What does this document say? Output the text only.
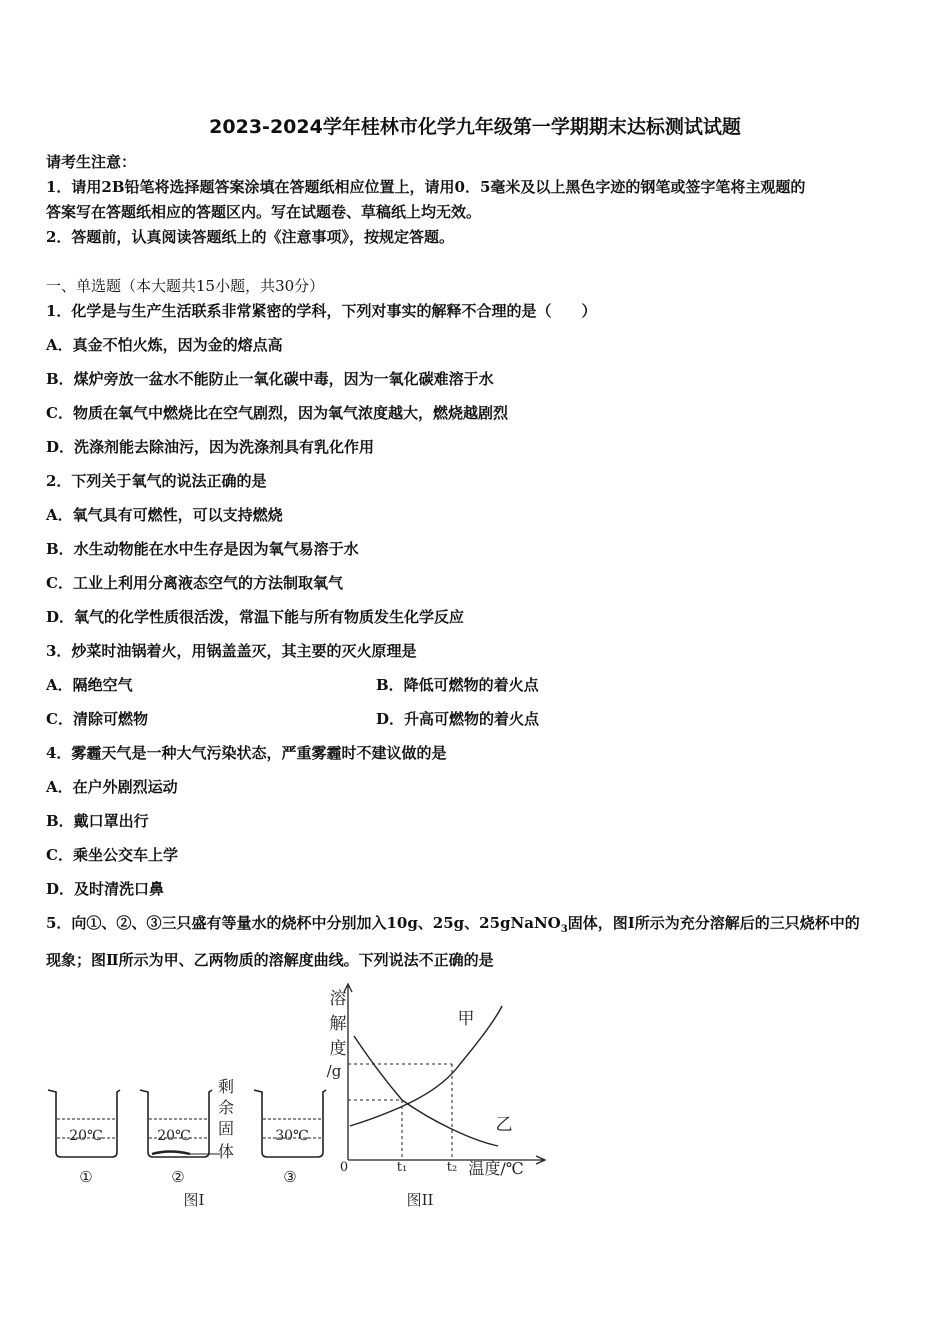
2023-2024学年桂林市化学九年级第一学期期末达标测试试题
请考生注意：
1．请用2B铅笔将选择题答案涂填在答题纸相应位置上，请用0．5毫米及以上黑色字迹的钢笔或签字笔将主观题的
答案写在答题纸相应的答题区内。写在试题卷、草稿纸上均无效。
2．答题前，认真阅读答题纸上的《注意事项》，按规定答题。
一、单选题（本大题共15小题，共30分）
1．化学是与生产生活联系非常紧密的学科，下列对事实的解释不合理的是（　　）
A．真金不怕火炼，因为金的熔点高
B．煤炉旁放一盆水不能防止一氧化碳中毒，因为一氧化碳难溶于水
C．物质在氧气中燃烧比在空气剧烈，因为氧气浓度越大，燃烧越剧烈
D．洗涤剂能去除油污，因为洗涤剂具有乳化作用
2．下列关于氧气的说法正确的是
A．氧气具有可燃性，可以支持燃烧
B．水生动物能在水中生存是因为氧气易溶于水
C．工业上利用分离液态空气的方法制取氧气
D．氧气的化学性质很活泼，常温下能与所有物质发生化学反应
3．炒菜时油锅着火，用锅盖盖灭，其主要的灭火原理是
A．隔绝空气	B．降低可燃物的着火点
C．清除可燃物	D．升高可燃物的着火点
4．雾霾天气是一种大气污染状态，严重雾霾时不建议做的是
A．在户外剧烈运动
B．戴口罩出行
C．乘坐公交车上学
D．及时清洗口鼻
5．向①、②、③三只盛有等量水的烧杯中分别加入10g、25g、25gNaNO$_3$固体，图Ⅰ所示为充分溶解后的三只烧杯中的
现象；图Ⅱ所示为甲、乙两物质的溶解度曲线。下列说法不正确的是
20℃
①
20℃
②
剩
余
固
体
30℃
③
图Ⅰ
溶
解
度
/g
0
甲
乙
t₁	t₂ 温度/℃
图II
